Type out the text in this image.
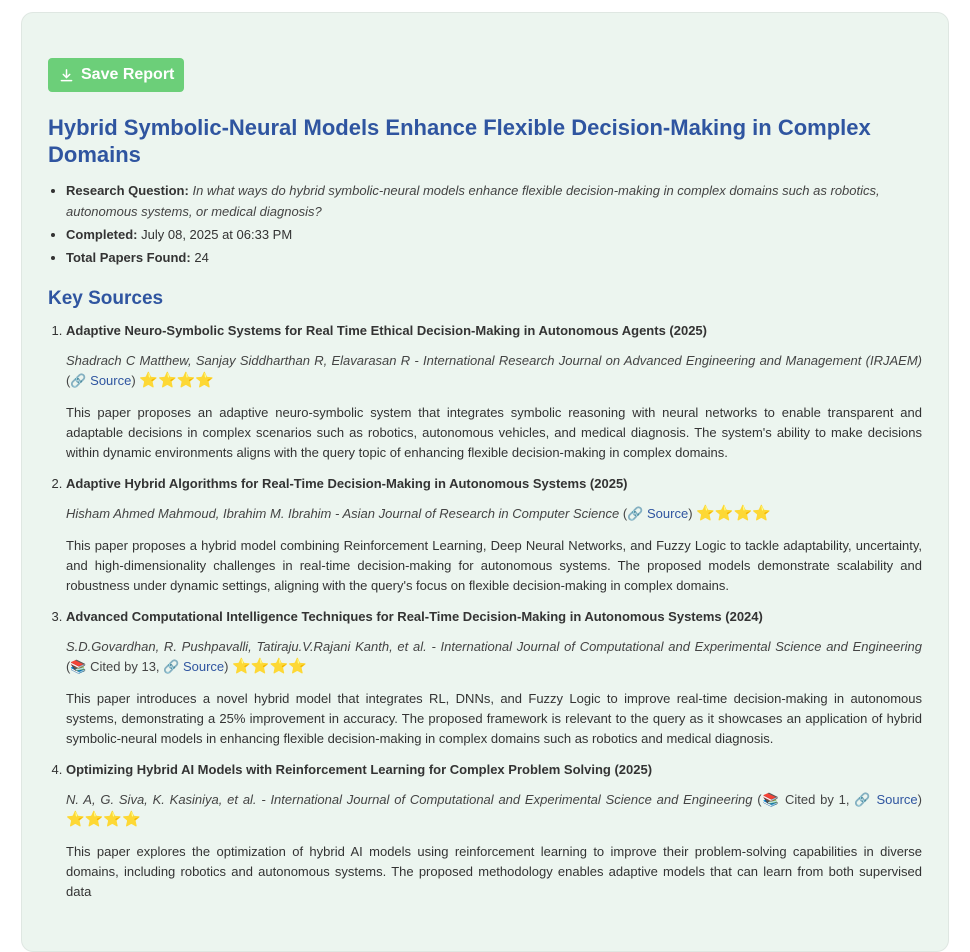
Save Report
Hybrid Symbolic-Neural Models Enhance Flexible Decision-Making in Complex Domains
• Research Question: In what ways do hybrid symbolic-neural models enhance flexible decision-making in complex domains such as robotics, autonomous systems, or medical diagnosis?
• Completed: July 08, 2025 at 06:33 PM
• Total Papers Found: 24
Key Sources
1. Adaptive Neuro-Symbolic Systems for Real Time Ethical Decision-Making in Autonomous Agents (2025)
Shadrach C Matthew, Sanjay Siddharthan R, Elavarasan R - International Research Journal on Advanced Engineering and Management (IRJAEM) (🔗 Source) ⭐⭐⭐⭐
This paper proposes an adaptive neuro-symbolic system that integrates symbolic reasoning with neural networks to enable transparent and adaptable decisions in complex scenarios such as robotics, autonomous vehicles, and medical diagnosis. The system's ability to make decisions within dynamic environments aligns with the query topic of enhancing flexible decision-making in complex domains.
2. Adaptive Hybrid Algorithms for Real-Time Decision-Making in Autonomous Systems (2025)
Hisham Ahmed Mahmoud, Ibrahim M. Ibrahim - Asian Journal of Research in Computer Science (🔗 Source) ⭐⭐⭐⭐
This paper proposes a hybrid model combining Reinforcement Learning, Deep Neural Networks, and Fuzzy Logic to tackle adaptability, uncertainty, and high-dimensionality challenges in real-time decision-making for autonomous systems. The proposed models demonstrate scalability and robustness under dynamic settings, aligning with the query's focus on flexible decision-making in complex domains.
3. Advanced Computational Intelligence Techniques for Real-Time Decision-Making in Autonomous Systems (2024)
S.D.Govardhan, R. Pushpavalli, Tatiraju.V.Rajani Kanth, et al. - International Journal of Computational and Experimental Science and Engineering (📚 Cited by 13, 🔗 Source) ⭐⭐⭐⭐
This paper introduces a novel hybrid model that integrates RL, DNNs, and Fuzzy Logic to improve real-time decision-making in autonomous systems, demonstrating a 25% improvement in accuracy. The proposed framework is relevant to the query as it showcases an application of hybrid symbolic-neural models in enhancing flexible decision-making in complex domains such as robotics and medical diagnosis.
4. Optimizing Hybrid AI Models with Reinforcement Learning for Complex Problem Solving (2025)
N. A, G. Siva, K. Kasiniya, et al. - International Journal of Computational and Experimental Science and Engineering (📚 Cited by 1, 🔗 Source) ⭐⭐⭐⭐
This paper explores the optimization of hybrid AI models using reinforcement learning to improve their problem-solving capabilities in diverse domains, including robotics and autonomous systems. The proposed methodology enables adaptive models that can learn from both supervised data
